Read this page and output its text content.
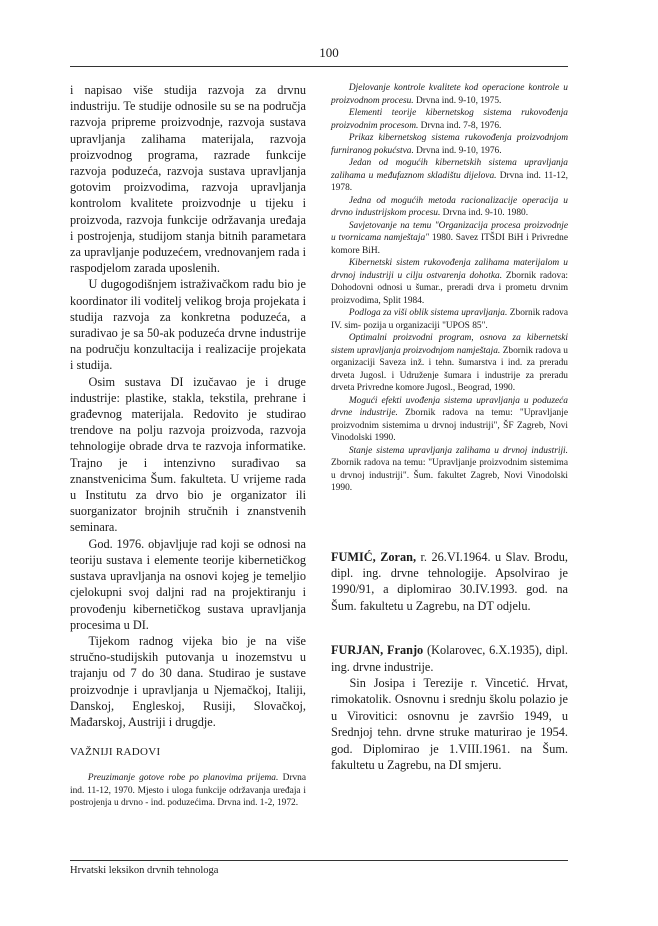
100

i napisao više studija razvoja za drvnu industriju. Te studije odnosile su se na područja razvoja pripreme proizvodnje, razvoja sustava upravljanja zalihama materijala, razvoja proizvodnog programa, razrade funkcije razvoja poduzeća, razvoja sustava upravljanja gotovim proizvodima, razvoja upravljanja kontrolom kvalitete proizvodnje u tijeku i proizvoda, razvoja funkcije održavanja uređaja i postrojenja, studijom stanja bitnih parametara za upravljanje poduzećem, vrednovanjem rada i raspodjelom zarada uposlenih.

U dugogodišnjem istraživačkom radu bio je koordinator ili voditelj velikog broja projekata i studija razvoja za konkretna poduzeća, a suradivao je sa 50-ak poduzeća drvne industrije na području konzultacija i realizacije projekata i studija.

Osim sustava DI izučavao je i druge industrije: plastike, stakla, tekstila, prehrane i građevnog materijala. Redovito je studirao trendove na polju razvoja proizvoda, razvoja tehnologije obrade drva te razvoja informatike. Trajno je i intenzivno surađivao sa znanstvenicima Šum. fakulteta. U vrijeme rada u Institutu za drvo bio je organizator ili suorganizator brojnih stručnih i znanstvenih seminara.

God. 1976. objavljuje rad koji se odnosi na teoriju sustava i elemente teorije kibernetičkog sustava upravljanja na osnovi kojeg je temeljio cjelokupni svoj daljni rad na projektiranju i provođenju kibernetičkog sustava upravljanja procesima u DI.

Tijekom radnog vijeka bio je na više stručno-studijskih putovanja u inozemstvu u trajanju od 7 do 30 dana. Studirao je sustave proizvodnje i upravljanja u Njemačkoj, Italiji, Danskoj, Engleskoj, Rusiji, Slovačkoj, Mađarskoj, Austriji i drugdje.

VAŽNIJI RADOVI

Preuzimanje gotove robe po planovima prijema. Drvna ind. 11-12, 1970. Mjesto i uloga funkcije održavanja uređaja i postrojenja u drvno - ind. poduzećima. Drvna ind. 1-2, 1972.

Djelovanje kontrole kvalitete kod operacione kontrole u proizvodnom procesu. Drvna ind. 9-10, 1975.

Elementi teorije kibernetskog sistema rukovođenja proizvodnim procesom. Drvna ind. 7-8, 1976.

Prikaz kibernetskog sistema rukovođenja proizvodnjom furniranog pokućstva. Drvna ind. 9-10, 1976.

Jedan od mogućih kibernetskih sistema upravljanja zalihama u međufaznom skladištu dijelova. Drvna ind. 11-12, 1978.

Jedna od mogućih metoda racionalizacije operacija u drvno industrijskom procesu. Drvna ind. 9-10. 1980.

Savjetovanje na temu "Organizacija procesa proizvodnje u tvornicama namještaja" 1980. Savez ITŠDI BiH i Privredne komore BiH.

Kibernetski sistem rukovođenja zalihama materijalom u drvnoj industriji u cilju ostvarenja dohotka. Zbornik radova: Dohodovni odnosi u šumar., preradi drva i prometu drvnim proizvodima, Split 1984.

Podloga za viši oblik sistema upravljanja. Zbornik radova IV. sim- pozija u organizaciji "UPOS 85".

Optimalni proizvodni program, osnova za kibernetski sistem upravljanja proizvodnjom namještaja. Zbornik radova u organizaciji Saveza inž. i tehn. šumarstva i ind. za preradu drveta Jugosl. i Udruženje šumara i industrije za preradu drveta Privredne komore Jugosl., Beograd, 1990.

Mogući efekti uvođenja sistema upravljanja u poduzeća drvne industrije. Zbornik radova na temu: "Upravljanje proizvodnim sistemima u drvnoj industriji", ŠF Zagreb, Novi Vinodolski 1990.

Stanje sistema upravljanja zalihama u drvnoj industriji. Zbornik radova na temu: "Upravljanje proizvodnim sistemima u drvnoj industriji". Šum. fakultet Zagreb, Novi Vinodolski 1990.

FUMIĆ, Zoran, r. 26.VI.1964. u Slav. Brodu, dipl. ing. drvne tehnologije. Apsolvirao je 1990/91, a diplomirao 30.IV.1993. god. na Šum. fakultetu u Zagrebu, na DT odjelu.

FURJAN, Franjo (Kolarovec, 6.X.1935), dipl. ing. drvne industrije.

Sin Josipa i Terezije r. Vincetić. Hrvat, rimokatolik. Osnovnu i srednju školu polazio je u Virovitici: osnovnu je završio 1949, u Srednjoj tehn. drvne struke maturirao je 1954. god. Diplomirao je 1.VIII.1961. na Šum. fakultetu u Zagrebu, na DI smjeru.

Hrvatski leksikon drvnih tehnologa
